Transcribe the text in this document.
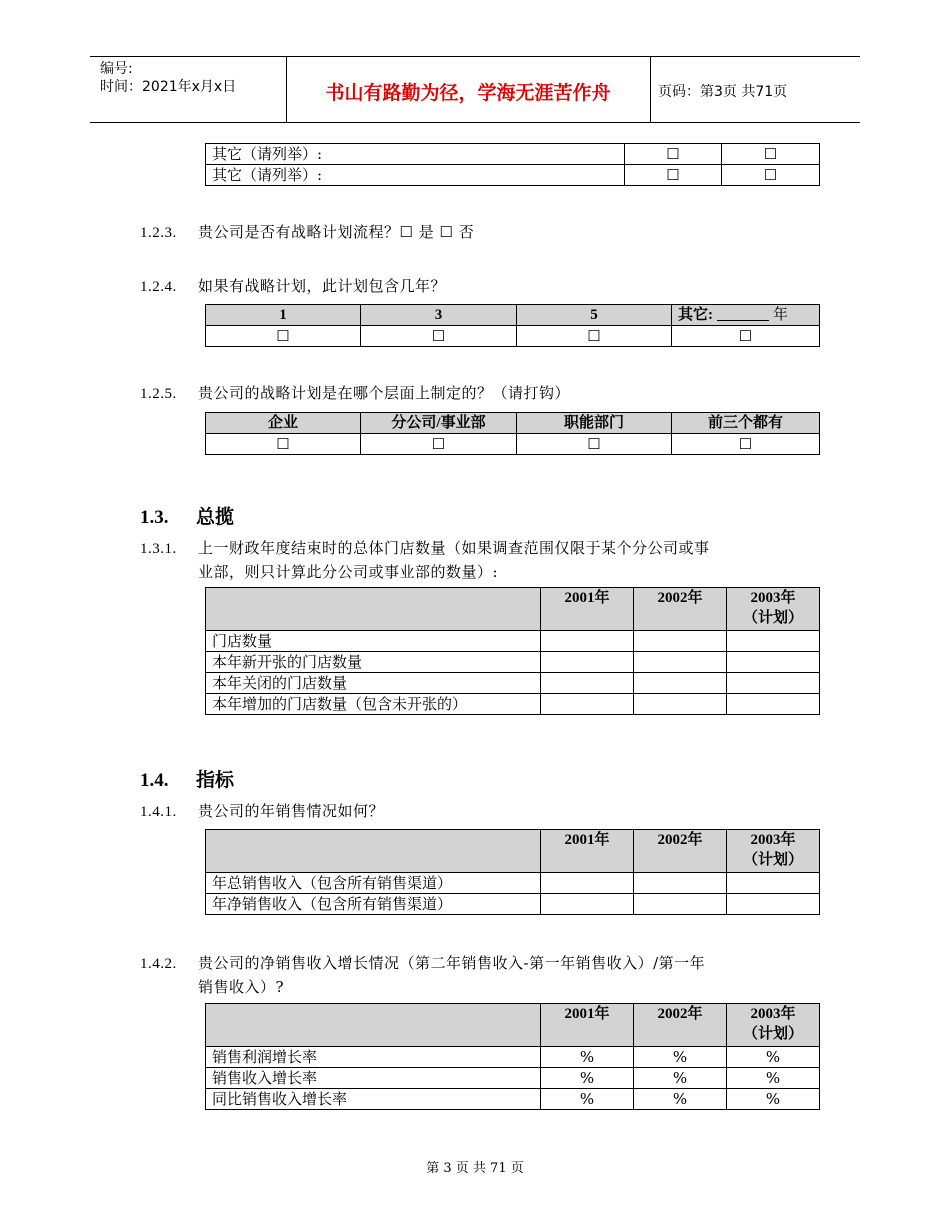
编号:
时间：2021年x月x日	书山有路勤为径，学海无涯苦作舟	页码：第3页 共71页
其它（请列举）:	☐	☐
其它（请列举）:	☐	☐
1.2.3. 贵公司是否有战略计划流程？☐ 是 ☐ 否
1.2.4. 如果有战略计划，此计划包含几年？
1	3	5	其它: 年
☐	☐	☐	☐
1.2.5. 贵公司的战略计划是在哪个层面上制定的？（请打钩）
企业	分公司/事业部	职能部门	前三个都有
☐	☐	☐	☐
1.3. 总揽
1.3.1. 上一财政年度结束时的总体门店数量（如果调查范围仅限于某个分公司或事
业部，则只计算此分公司或事业部的数量）:
	2001年	2002年	2003年
（计划）
门店数量			
本年新开张的门店数量			
本年关闭的门店数量			
本年增加的门店数量（包含未开张的）			
1.4. 指标
1.4.1. 贵公司的年销售情况如何？
	2001年	2002年	2003年
（计划）
年总销售收入（包含所有销售渠道）			
年净销售收入（包含所有销售渠道）			
1.4.2. 贵公司的净销售收入增长情况（第二年销售收入-第一年销售收入）/第一年
销售收入）?
	2001年	2002年	2003年
（计划）
销售利润增长率	%	%	%
销售收入增长率	%	%	%
同比销售收入增长率	%	%	%
第 3 页 共 71 页
